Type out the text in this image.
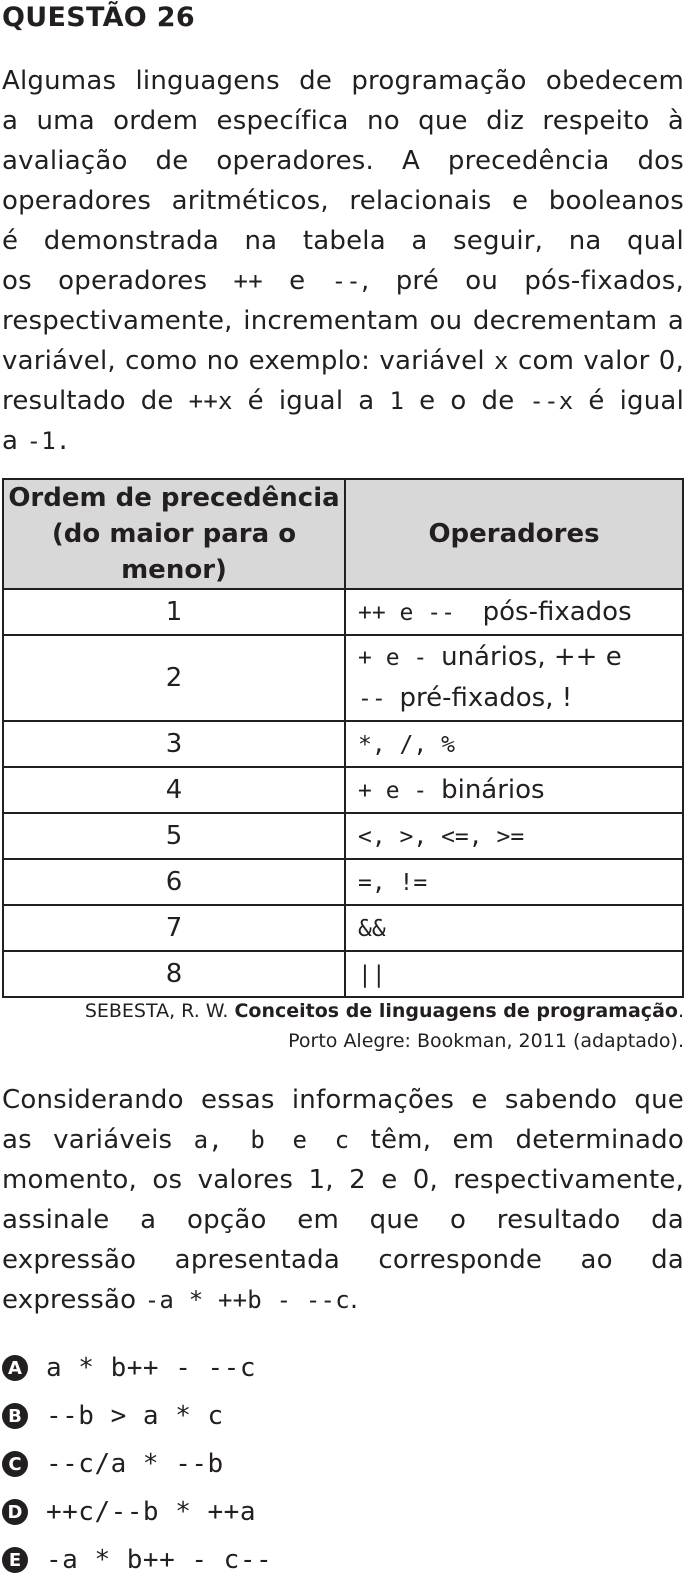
QUESTÃO 26
Algumas linguagens de programação obedecem
a uma ordem específica no que diz respeito à
avaliação de operadores. A precedência dos
operadores aritméticos, relacionais e booleanos
é demonstrada na tabela a seguir, na qual
os operadores ++ e --, pré ou pós-fixados,
respectivamente, incrementam ou decrementam a
variável, como no exemplo: variável x com valor 0,
resultado de ++x é igual a 1 e o de --x é igual
a -1.
Ordem de precedência
(do maior para o menor)	Operadores
1	++ e --  pós-fixados

2	+ e - unários, ++ e
-- pré-fixados, !

3	*, /, %

4	+ e - binários

5	<, >, <=, >=

6	=, !=

7	&&

8	||
SEBESTA, R. W. Conceitos de linguagens de programação.
Porto Alegre: Bookman, 2011 (adaptado).
Considerando essas informações e sabendo que
as variáveis a, b e c têm, em determinado
momento, os valores 1, 2 e 0, respectivamente,
assinale a opção em que o resultado da
expressão apresentada corresponde ao da
expressão -a * ++b - --c.
A a * b++ - --c
B --b > a * c
C --c/a * --b
D ++c/--b * ++a
E -a * b++ - c--
